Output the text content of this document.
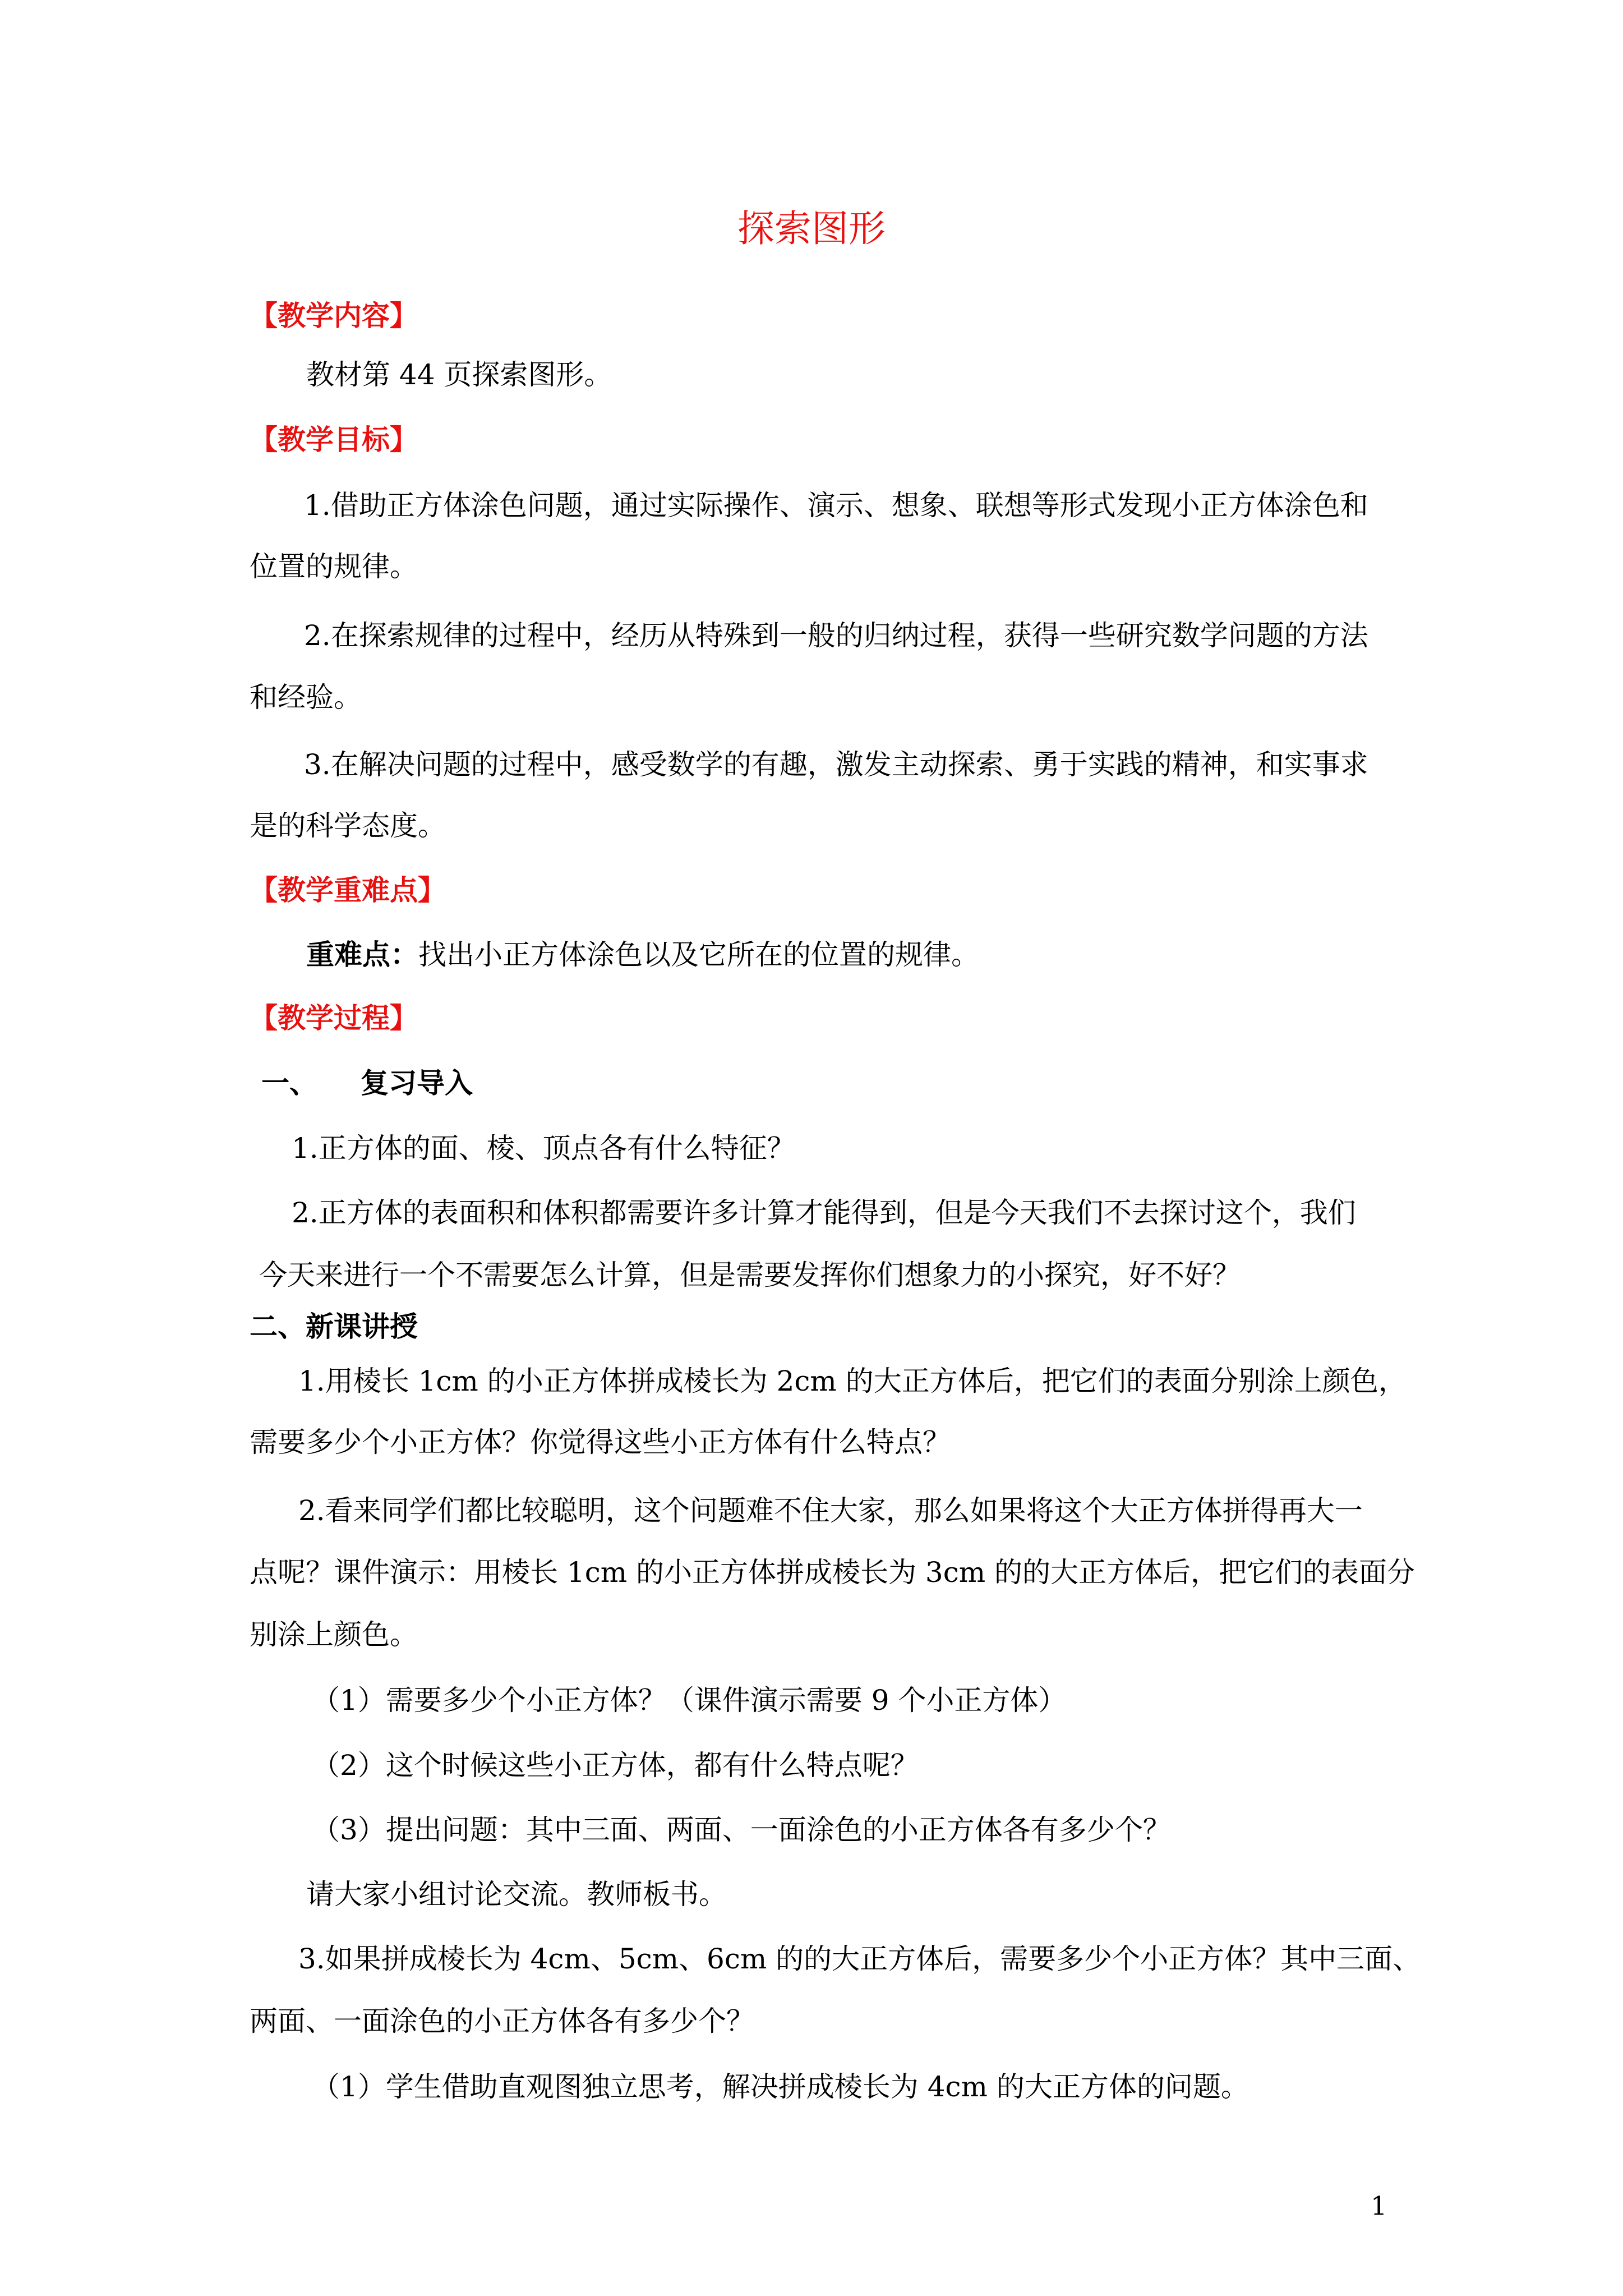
探索图形
【教学内容】
教材第 44 页探索图形。
【教学目标】
1.借助正方体涂色问题，通过实际操作、演示、想象、联想等形式发现小正方体涂色和
位置的规律。
2.在探索规律的过程中，经历从特殊到一般的归纳过程，获得一些研究数学问题的方法
和经验。
3.在解决问题的过程中，感受数学的有趣，激发主动探索、勇于实践的精神，和实事求
是的科学态度。
【教学重难点】
重难点：找出小正方体涂色以及它所在的位置的规律。
【教学过程】
一、 复习导入
1.正方体的面、棱、顶点各有什么特征？
2.正方体的表面积和体积都需要许多计算才能得到，但是今天我们不去探讨这个，我们
今天来进行一个不需要怎么计算，但是需要发挥你们想象力的小探究，好不好？
二、新课讲授
1.用棱长 1cm 的小正方体拼成棱长为 2cm 的大正方体后，把它们的表面分别涂上颜色，
需要多少个小正方体？你觉得这些小正方体有什么特点？
2.看来同学们都比较聪明，这个问题难不住大家，那么如果将这个大正方体拼得再大一
点呢？课件演示：用棱长 1cm 的小正方体拼成棱长为 3cm 的的大正方体后，把它们的表面分
别涂上颜色。
（1）需要多少个小正方体？（课件演示需要 9 个小正方体）
（2）这个时候这些小正方体，都有什么特点呢？
（3）提出问题：其中三面、两面、一面涂色的小正方体各有多少个？
请大家小组讨论交流。教师板书。
3.如果拼成棱长为 4cm、5cm、6cm 的的大正方体后，需要多少个小正方体？其中三面、
两面、一面涂色的小正方体各有多少个？
（1）学生借助直观图独立思考，解决拼成棱长为 4cm 的大正方体的问题。
1
